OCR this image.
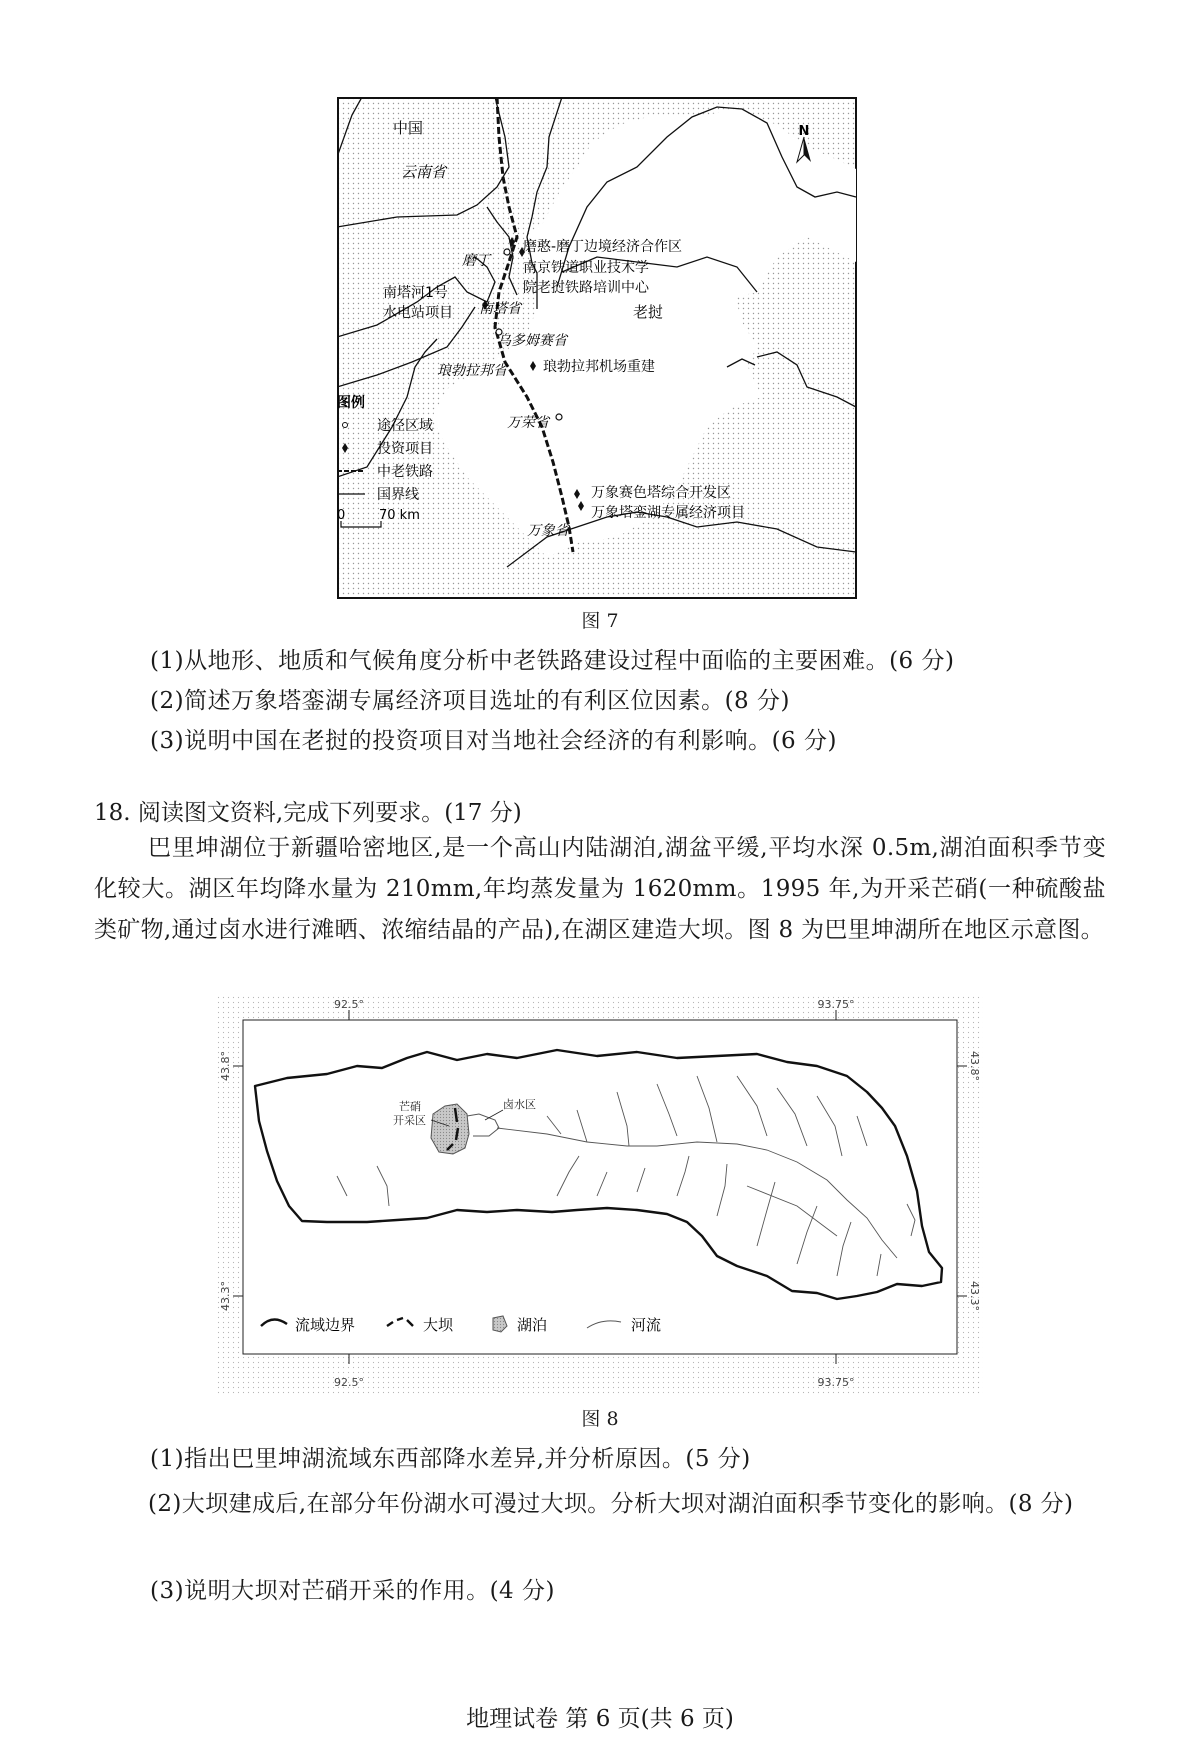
N
中国
云南省
磨丁
磨憨-磨丁边境经济合作区
南京铁道职业技术学
院老挝铁路培训中心
南塔河1号
水电站项目 南塔省	老挝
乌多姆赛省
琅勃拉邦省	琅勃拉邦机场重建
万荣省
万象赛色塔综合开发区
万象塔銮湖专属经济项目
万象省
图例
途径区域
投资项目
中老铁路
国界线
0	70 km
图 7
(1)从地形、地质和气候角度分析中老铁路建设过程中面临的主要困难。(6 分)
(2)简述万象塔銮湖专属经济项目选址的有利区位因素。(8 分)
(3)说明中国在老挝的投资项目对当地社会经济的有利影响。(6 分)
18. 阅读图文资料,完成下列要求。(17 分)
巴里坤湖位于新疆哈密地区,是一个高山内陆湖泊,湖盆平缓,平均水深 0.5m,湖泊面积季节变化较大。湖区年均降水量为 210mm,年均蒸发量为 1620mm。1995 年,为开采芒硝(一种硫酸盐类矿物,通过卤水进行滩晒、浓缩结晶的产品),在湖区建造大坝。图 8 为巴里坤湖所在地区示意图。
92.5°	93.75°
92.5°	93.75°
43.8°
43.3°
43.8°
43.3°
芒硝
开采区
卤水区
流域边界	大坝	湖泊	河流
图 8
(1)指出巴里坤湖流域东西部降水差异,并分析原因。(5 分)
(2)大坝建成后,在部分年份湖水可漫过大坝。分析大坝对湖泊面积季节变化的影响。(8 分)
(3)说明大坝对芒硝开采的作用。(4 分)
地理试卷 第 6 页(共 6 页)
